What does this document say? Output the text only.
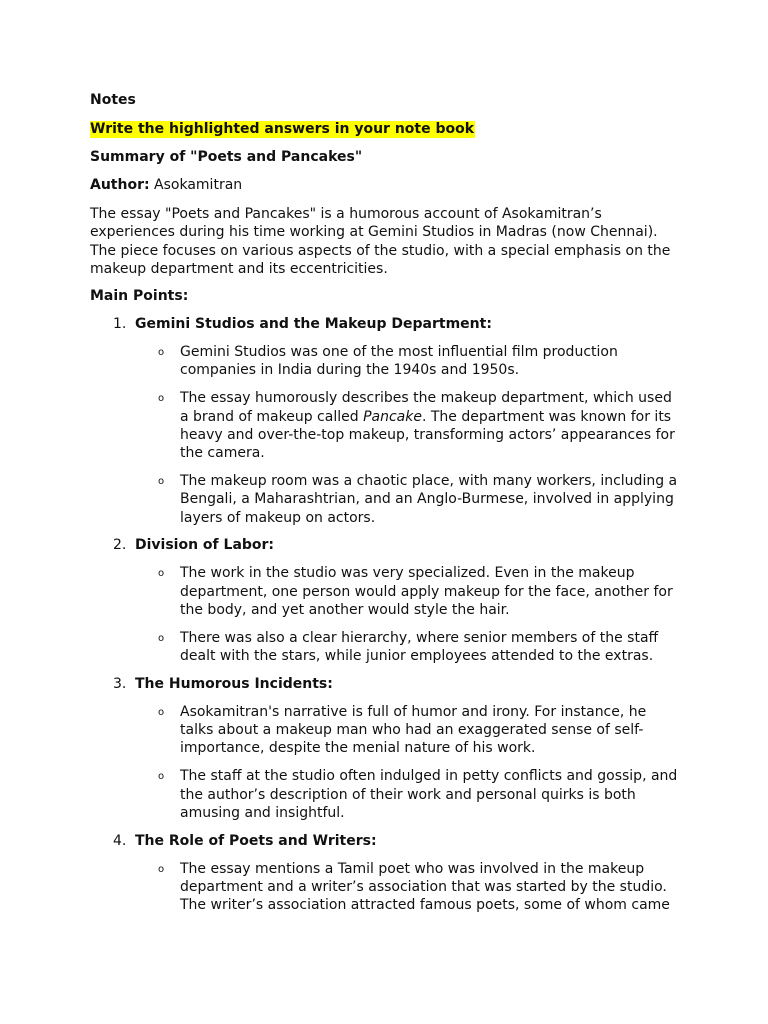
Notes

Write the highlighted answers in your note book

Summary of "Poets and Pancakes"

Author: Asokamitran

The essay "Poets and Pancakes" is a humorous account of Asokamitran’s experiences during his time working at Gemini Studios in Madras (now Chennai). The piece focuses on various aspects of the studio, with a special emphasis on the makeup department and its eccentricities.

Main Points:

1. Gemini Studios and the Makeup Department:
o Gemini Studios was one of the most influential film production companies in India during the 1940s and 1950s.
o The essay humorously describes the makeup department, which used a brand of makeup called Pancake. The department was known for its heavy and over-the-top makeup, transforming actors’ appearances for the camera.
o The makeup room was a chaotic place, with many workers, including a Bengali, a Maharashtrian, and an Anglo-Burmese, involved in applying layers of makeup on actors.
2. Division of Labor:
o The work in the studio was very specialized. Even in the makeup department, one person would apply makeup for the face, another for the body, and yet another would style the hair.
o There was also a clear hierarchy, where senior members of the staff dealt with the stars, while junior employees attended to the extras.
3. The Humorous Incidents:
o Asokamitran's narrative is full of humor and irony. For instance, he talks about a makeup man who had an exaggerated sense of self-importance, despite the menial nature of his work.
o The staff at the studio often indulged in petty conflicts and gossip, and the author’s description of their work and personal quirks is both amusing and insightful.
4. The Role of Poets and Writers:
o The essay mentions a Tamil poet who was involved in the makeup department and a writer’s association that was started by the studio. The writer’s association attracted famous poets, some of whom came
